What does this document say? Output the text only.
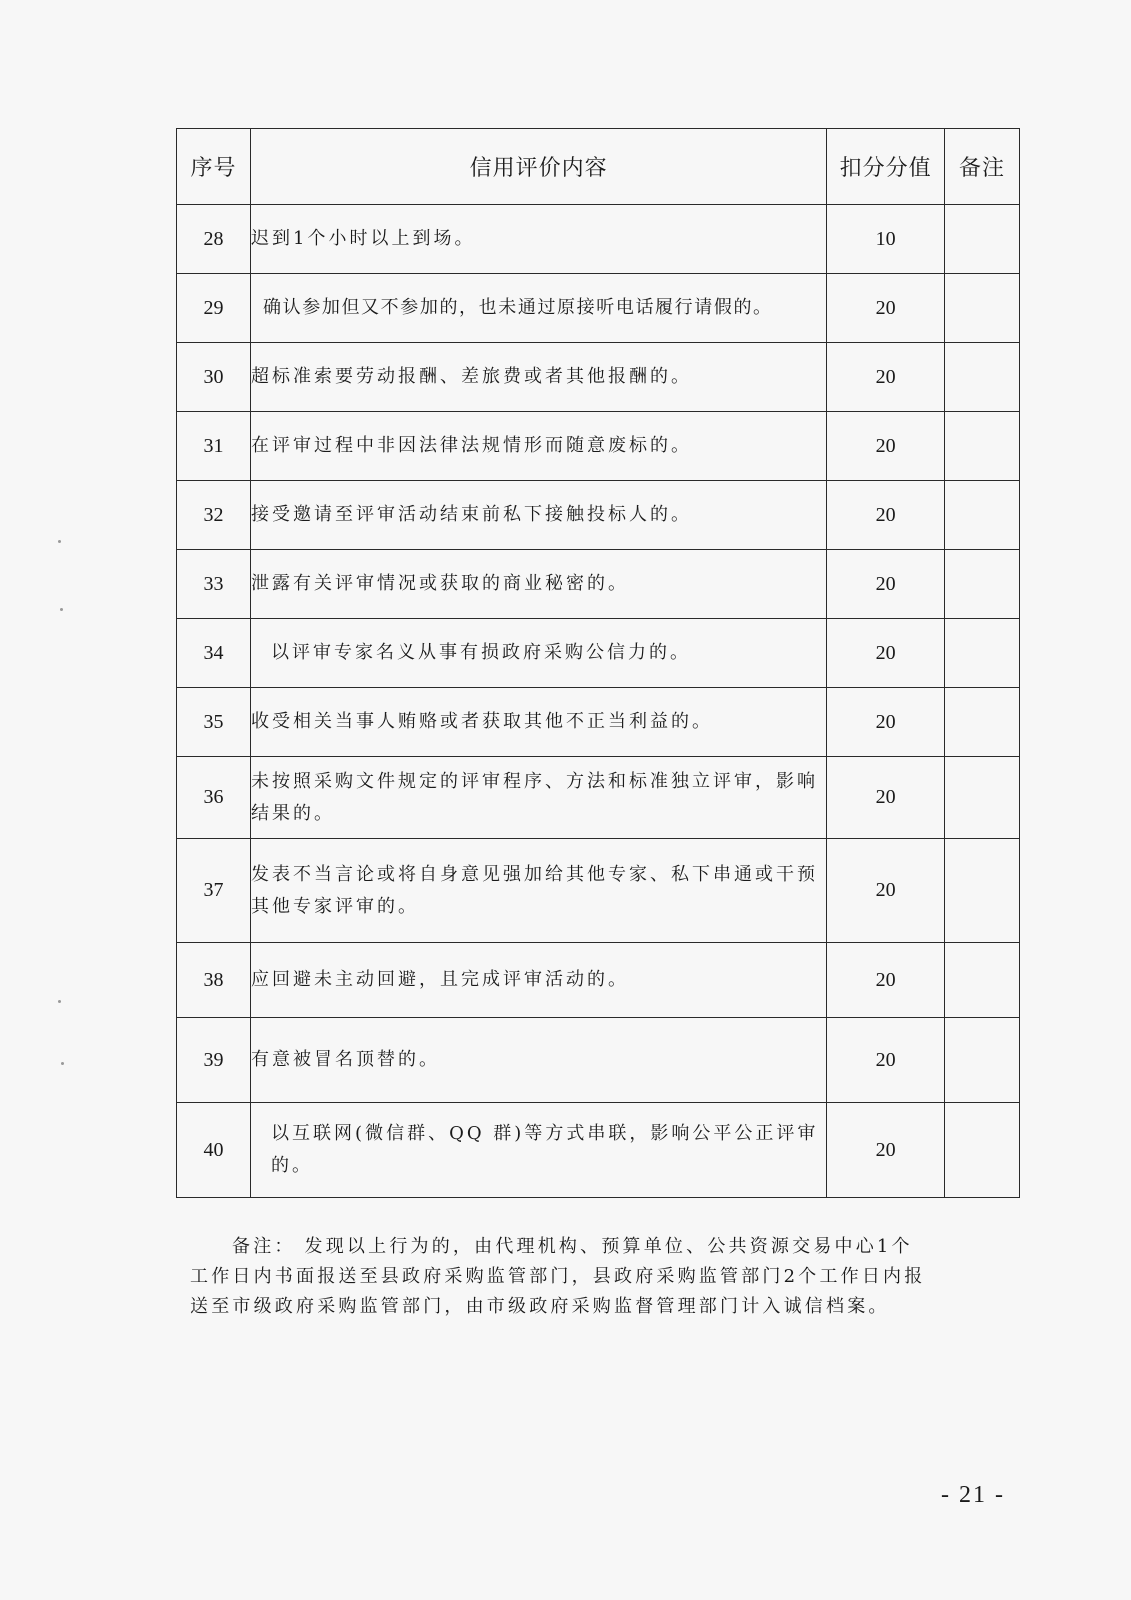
序号	信用评价内容	扣分分值	备注
28	迟到1个小时以上到场。	10	
29	确认参加但又不参加的，也未通过原接听电话履行请假的。	20	
30	超标准索要劳动报酬、差旅费或者其他报酬的。	20	
31	在评审过程中非因法律法规情形而随意废标的。	20	
32	接受邀请至评审活动结束前私下接触投标人的。	20	
33	泄露有关评审情况或获取的商业秘密的。	20	
34	以评审专家名义从事有损政府采购公信力的。	20	
35	收受相关当事人贿赂或者获取其他不正当利益的。	20	
36	未按照采购文件规定的评审程序、方法和标准独立评审，影响结果的。	20	
37	发表不当言论或将自身意见强加给其他专家、私下串通或干预其他专家评审的。	20	
38	应回避未主动回避，且完成评审活动的。	20	
39	有意被冒名顶替的。	20	
40	以互联网(微信群、QQ 群)等方式串联，影响公平公正评审的。	20	

备注： 发现以上行为的，由代理机构、预算单位、公共资源交易中心1个工作日内书面报送至县政府采购监管部门，县政府采购监管部门2个工作日内报送至市级政府采购监管部门，由市级政府采购监督管理部门计入诚信档案。

- 21 -
